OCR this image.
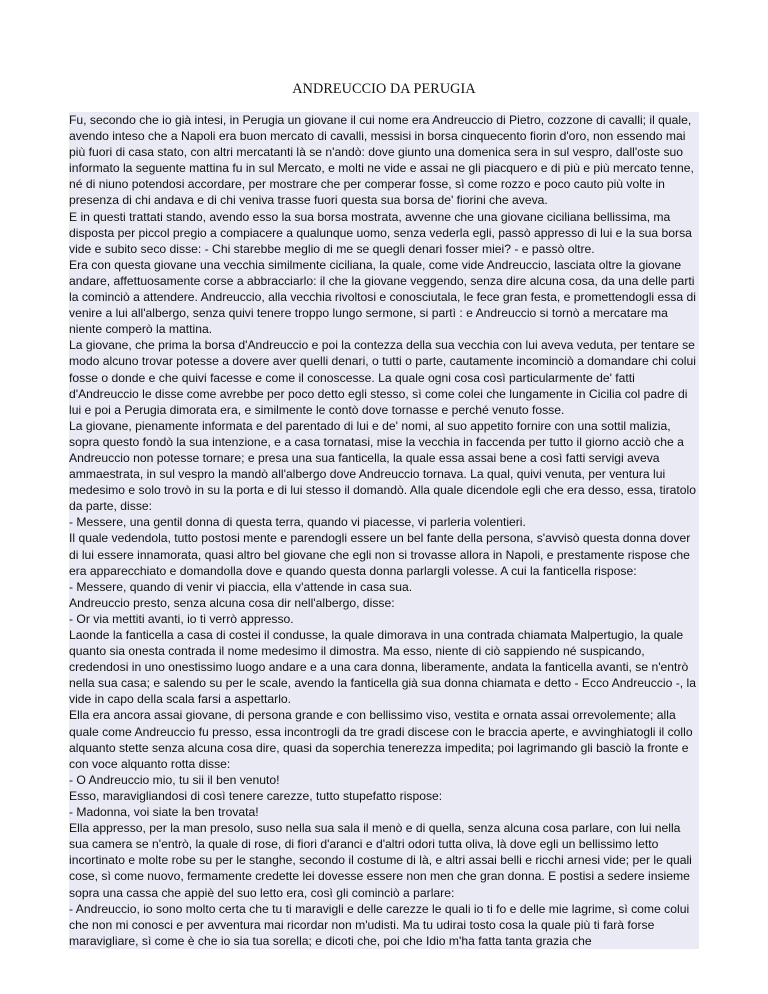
ANDREUCCIO DA PERUGIA

Fu, secondo che io già intesi, in Perugia un giovane il cui nome era Andreuccio di Pietro, cozzone di cavalli; il quale, avendo inteso che a Napoli era buon mercato di cavalli, messisi in borsa cinquecento fiorin d'oro, non essendo mai più fuori di casa stato, con altri mercatanti là se n'andò: dove giunto una domenica sera in sul vespro, dall'oste suo informato la seguente mattina fu in sul Mercato, e molti ne vide e assai ne gli piacquero e di più e più mercato tenne, né di niuno potendosi accordare, per mostrare che per comperar fosse, sì come rozzo e poco cauto più volte in presenza di chi andava e di chi veniva trasse fuori questa sua borsa de' fiorini che aveva.

E in questi trattati stando, avendo esso la sua borsa mostrata, avvenne che una giovane ciciliana bellissima, ma disposta per piccol pregio a compiacere a qualunque uomo, senza vederla egli, passò appresso di lui e la sua borsa vide e subito seco disse: - Chi starebbe meglio di me se quegli denari fosser miei? - e passò oltre.

Era con questa giovane una vecchia similmente ciciliana, la quale, come vide Andreuccio, lasciata oltre la giovane andare, affettuosamente corse a abbracciarlo: il che la giovane veggendo, senza dire alcuna cosa, da una delle parti la cominciò a attendere. Andreuccio, alla vecchia rivoltosi e conosciutala, le fece gran festa, e promettendogli essa di venire a lui all'albergo, senza quivi tenere troppo lungo sermone, si partì : e Andreuccio si tornò a mercatare ma niente comperò la mattina.

La giovane, che prima la borsa d'Andreuccio e poi la contezza della sua vecchia con lui aveva veduta, per tentare se modo alcuno trovar potesse a dovere aver quelli denari, o tutti o parte, cautamente incominciò a domandare chi colui fosse o donde e che quivi facesse e come il conoscesse. La quale ogni cosa così particularmente de' fatti d'Andreuccio le disse come avrebbe per poco detto egli stesso, sì come colei che lungamente in Cicilia col padre di lui e poi a Perugia dimorata era, e similmente le contò dove tornasse e perché venuto fosse.

La giovane, pienamente informata e del parentado di lui e de' nomi, al suo appetito fornire con una sottil malizia, sopra questo fondò la sua intenzione, e a casa tornatasi, mise la vecchia in faccenda per tutto il giorno acciò che a Andreuccio non potesse tornare; e presa una sua fanticella, la quale essa assai bene a così fatti servigi aveva ammaestrata, in sul vespro la mandò all'albergo dove Andreuccio tornava. La qual, quivi venuta, per ventura lui medesimo e solo trovò in su la porta e di lui stesso il domandò. Alla quale dicendole egli che era desso, essa, tiratolo da parte, disse:

- Messere, una gentil donna di questa terra, quando vi piacesse, vi parleria volentieri.

Il quale vedendola, tutto postosi mente e parendogli essere un bel fante della persona, s'avvisò questa donna dover di lui essere innamorata, quasi altro bel giovane che egli non si trovasse allora in Napoli, e prestamente rispose che era apparecchiato e domandolla dove e quando questa donna parlargli volesse. A cui la fanticella rispose:

- Messere, quando di venir vi piaccia, ella v'attende in casa sua.

Andreuccio presto, senza alcuna cosa dir nell'albergo, disse:

- Or via mettiti avanti, io ti verrò appresso.

Laonde la fanticella a casa di costei il condusse, la quale dimorava in una contrada chiamata Malpertugio, la quale quanto sia onesta contrada il nome medesimo il dimostra. Ma esso, niente di ciò sappiendo né suspicando, credendosi in uno onestissimo luogo andare e a una cara donna, liberamente, andata la fanticella avanti, se n'entrò nella sua casa; e salendo su per le scale, avendo la fanticella già sua donna chiamata e detto - Ecco Andreuccio -, la vide in capo della scala farsi a aspettarlo.

Ella era ancora assai giovane, di persona grande e con bellissimo viso, vestita e ornata assai orrevolemente; alla quale come Andreuccio fu presso, essa incontrogli da tre gradi discese con le braccia aperte, e avvinghiatogli il collo alquanto stette senza alcuna cosa dire, quasi da soperchia tenerezza impedita; poi lagrimando gli basciò la fronte e con voce alquanto rotta disse:

- O Andreuccio mio, tu sii il ben venuto!

Esso, maravigliandosi di così tenere carezze, tutto stupefatto rispose:

- Madonna, voi siate la ben trovata!

Ella appresso, per la man presolo, suso nella sua sala il menò e di quella, senza alcuna cosa parlare, con lui nella sua camera se n'entrò, la quale di rose, di fiori d'aranci e d'altri odori tutta oliva, là dove egli un bellissimo letto incortinato e molte robe su per le stanghe, secondo il costume di là, e altri assai belli e ricchi arnesi vide; per le quali cose, sì come nuovo, fermamente credette lei dovesse essere non men che gran donna. E postisi a sedere insieme sopra una cassa che appiè del suo letto era, così gli cominciò a parlare:

- Andreuccio, io sono molto certa che tu ti maravigli e delle carezze le quali io ti fo e delle mie lagrime, sì come colui che non mi conosci e per avventura mai ricordar non m'udisti. Ma tu udirai tosto cosa la quale più ti farà forse maravigliare, sì come è che io sia tua sorella; e dicoti che, poi che Idio m'ha fatta tanta grazia che
